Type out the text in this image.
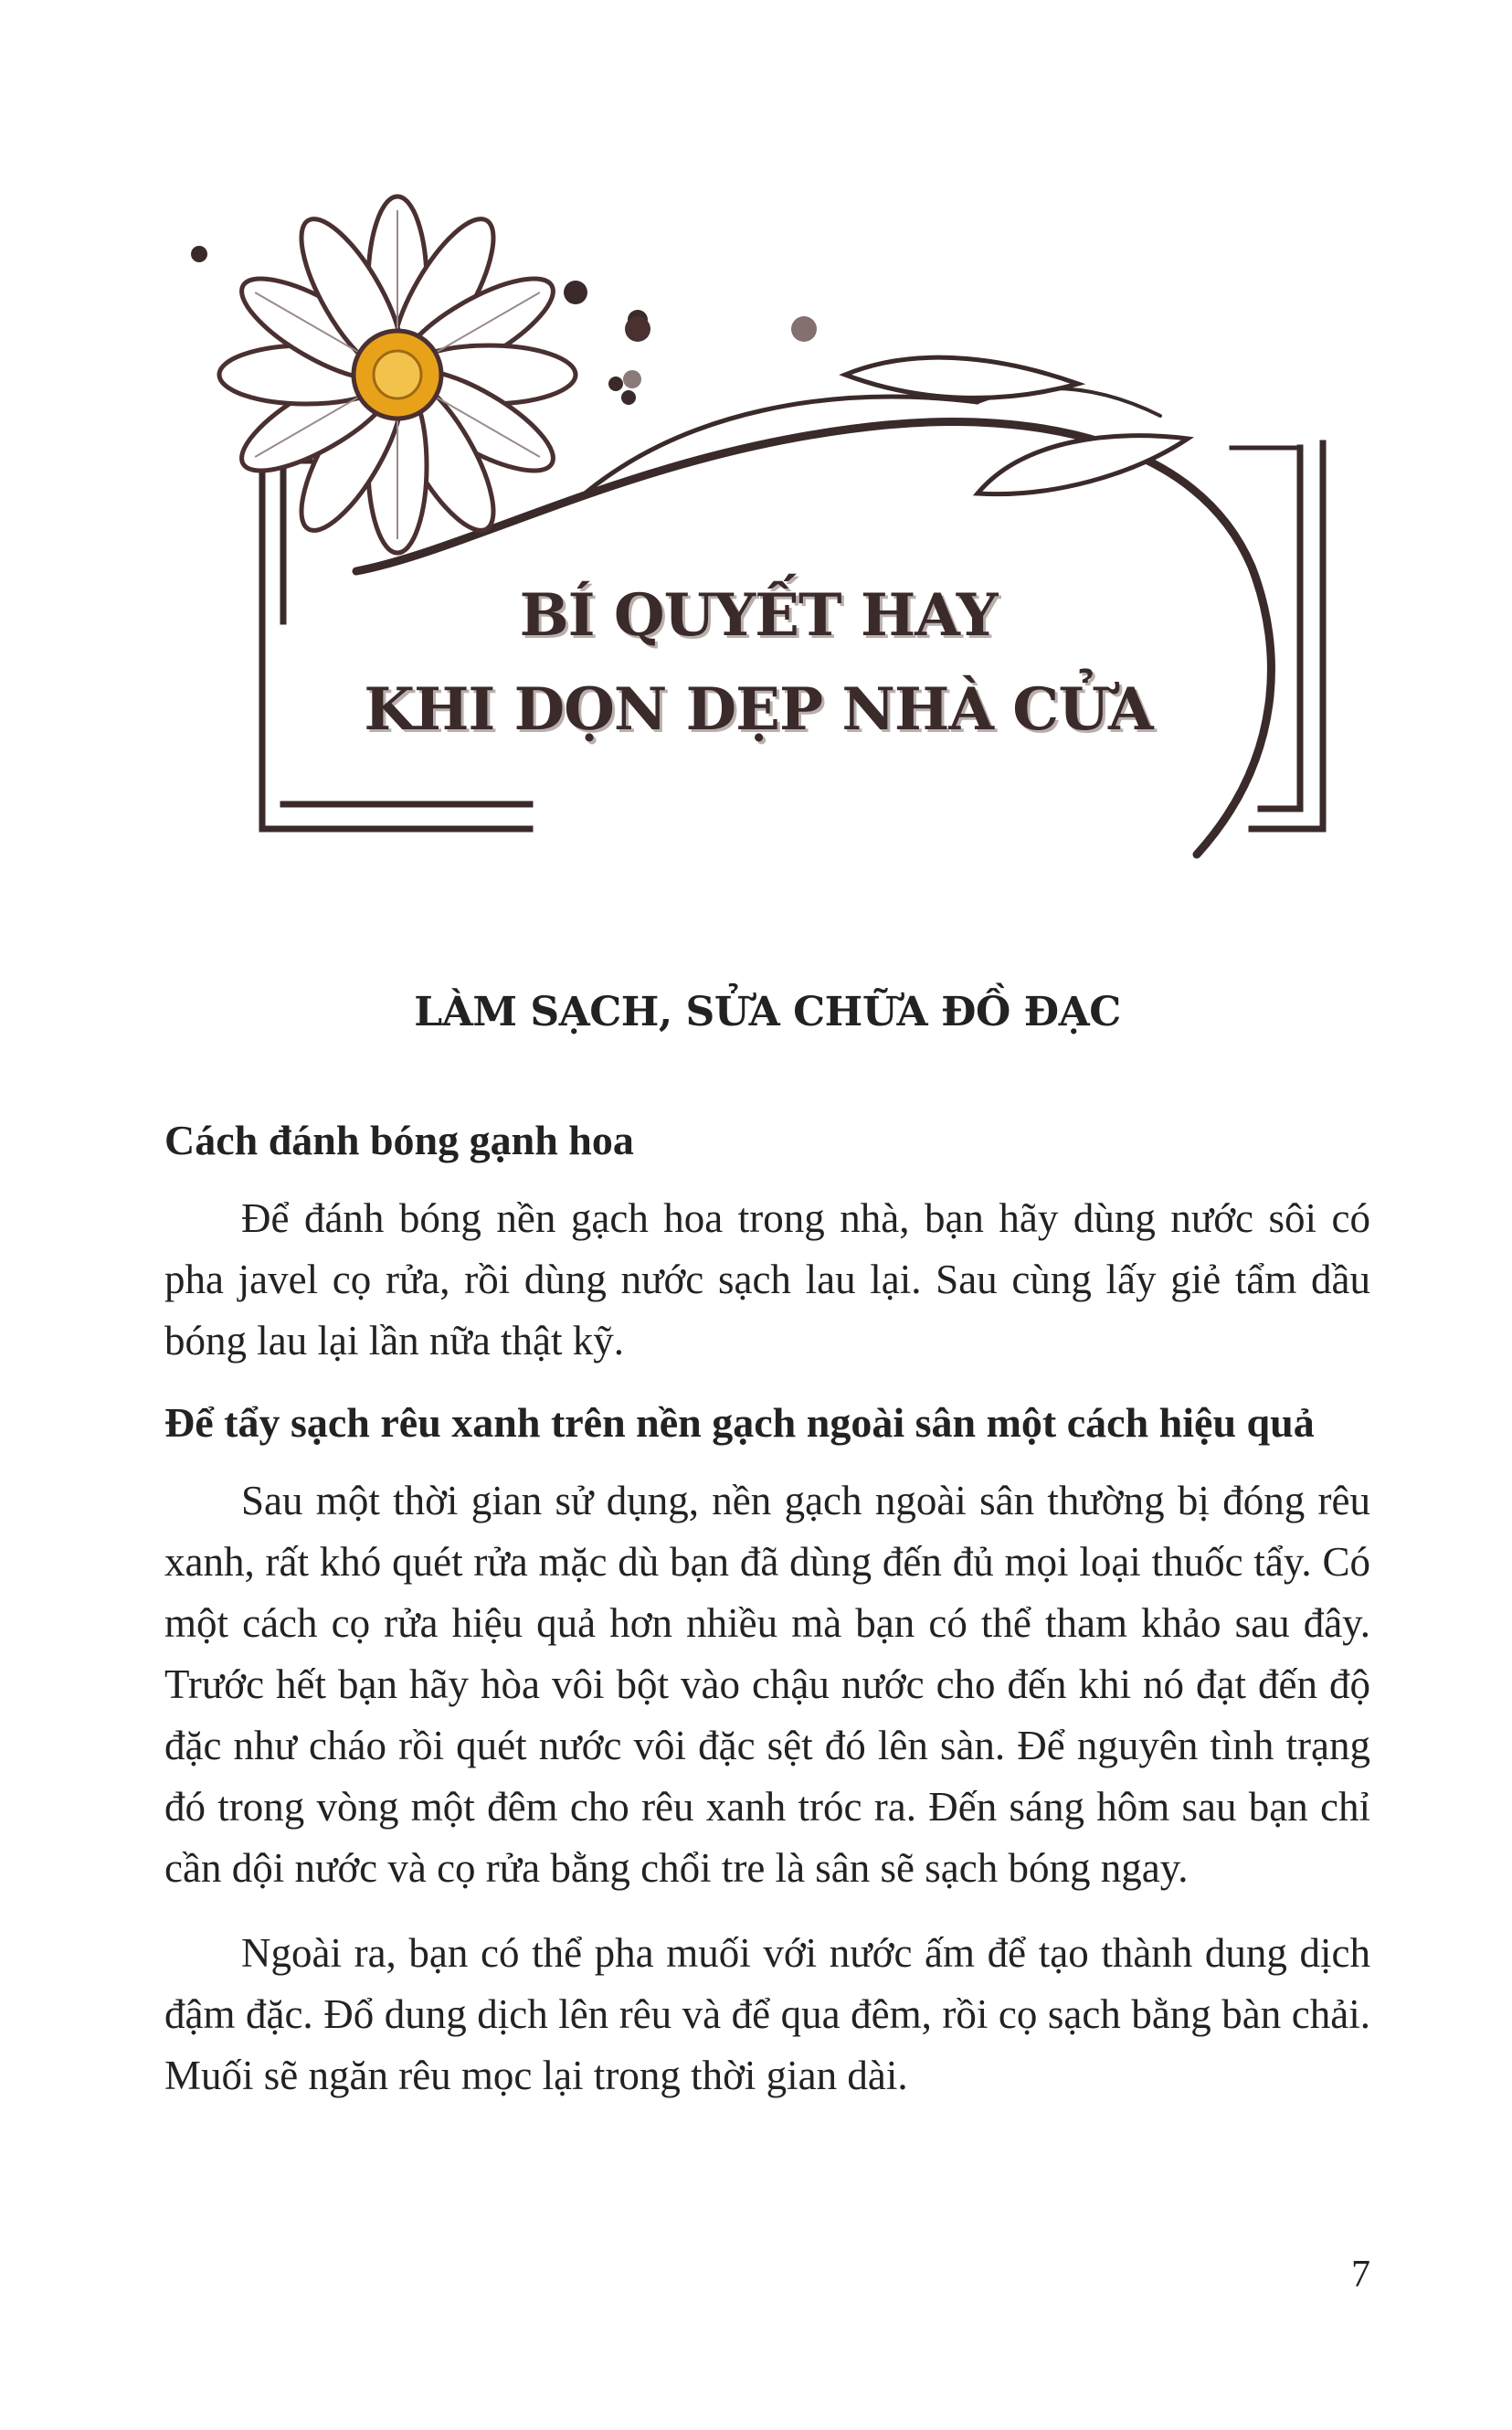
BÍ QUYẾT HAY
KHI DỌN DẸP NHÀ CỬA
LÀM SẠCH, SỬA CHỮA ĐỒ ĐẠC

Cách đánh bóng gạnh hoa

Để đánh bóng nền gạch hoa trong nhà, bạn hãy dùng nước sôi có pha javel cọ rửa, rồi dùng nước sạch lau lại. Sau cùng lấy giẻ tẩm dầu bóng lau lại lần nữa thật kỹ.

Để tẩy sạch rêu xanh trên nền gạch ngoài sân một cách hiệu quả

Sau một thời gian sử dụng, nền gạch ngoài sân thường bị đóng rêu xanh, rất khó quét rửa mặc dù bạn đã dùng đến đủ mọi loại thuốc tẩy. Có một cách cọ rửa hiệu quả hơn nhiều mà bạn có thể tham khảo sau đây. Trước hết bạn hãy hòa vôi bột vào chậu nước cho đến khi nó đạt đến độ đặc như cháo rồi quét nước vôi đặc sệt đó lên sàn. Để nguyên tình trạng đó trong vòng một đêm cho rêu xanh tróc ra. Đến sáng hôm sau bạn chỉ cần dội nước và cọ rửa bằng chổi tre là sân sẽ sạch bóng ngay.

Ngoài ra, bạn có thể pha muối với nước ấm để tạo thành dung dịch đậm đặc. Đổ dung dịch lên rêu và để qua đêm, rồi cọ sạch bằng bàn chải. Muối sẽ ngăn rêu mọc lại trong thời gian dài.

7
